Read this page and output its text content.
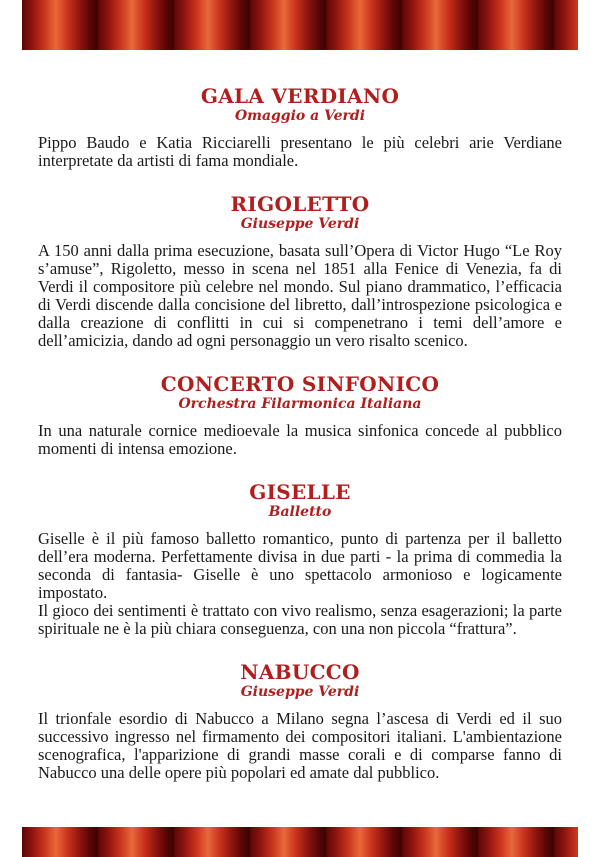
GALA VERDIANO
Omaggio a Verdi

Pippo Baudo e Katia Ricciarelli presentano le più celebri arie Verdiane interpretate da artisti di fama mondiale.

RIGOLETTO
Giuseppe Verdi

A 150 anni dalla prima esecuzione, basata sull’Opera di Victor Hugo “Le Roy s’amuse”, Rigoletto, messo in scena nel 1851 alla Fenice di Venezia, fa di Verdi il compositore più celebre nel mondo. Sul piano drammatico, l’efficacia di Verdi discende dalla concisione del libretto, dall’introspezione psicologica e dalla creazione di conflitti in cui si compenetrano i temi dell’amore e dell’amicizia, dando ad ogni personaggio un vero risalto scenico.

CONCERTO SINFONICO
Orchestra Filarmonica Italiana

In una naturale cornice medioevale la musica sinfonica concede al pubblico momenti di intensa emozione.

GISELLE
Balletto

Giselle è il più famoso balletto romantico, punto di partenza per il balletto dell’era moderna. Perfettamente divisa in due parti - la prima di commedia la seconda di fantasia- Giselle è uno spettacolo armonioso e logicamente impostato.

Il gioco dei sentimenti è trattato con vivo realismo, senza esagerazioni; la parte spirituale ne è la più chiara conseguenza, con una non piccola “frattura”.

NABUCCO
Giuseppe Verdi

Il trionfale esordio di Nabucco a Milano segna l’ascesa di Verdi ed il suo successivo ingresso nel firmamento dei compositori italiani. L'ambientazione scenografica, l'apparizione di grandi masse corali e di comparse fanno di Nabucco una delle opere più popolari ed amate dal pubblico.
